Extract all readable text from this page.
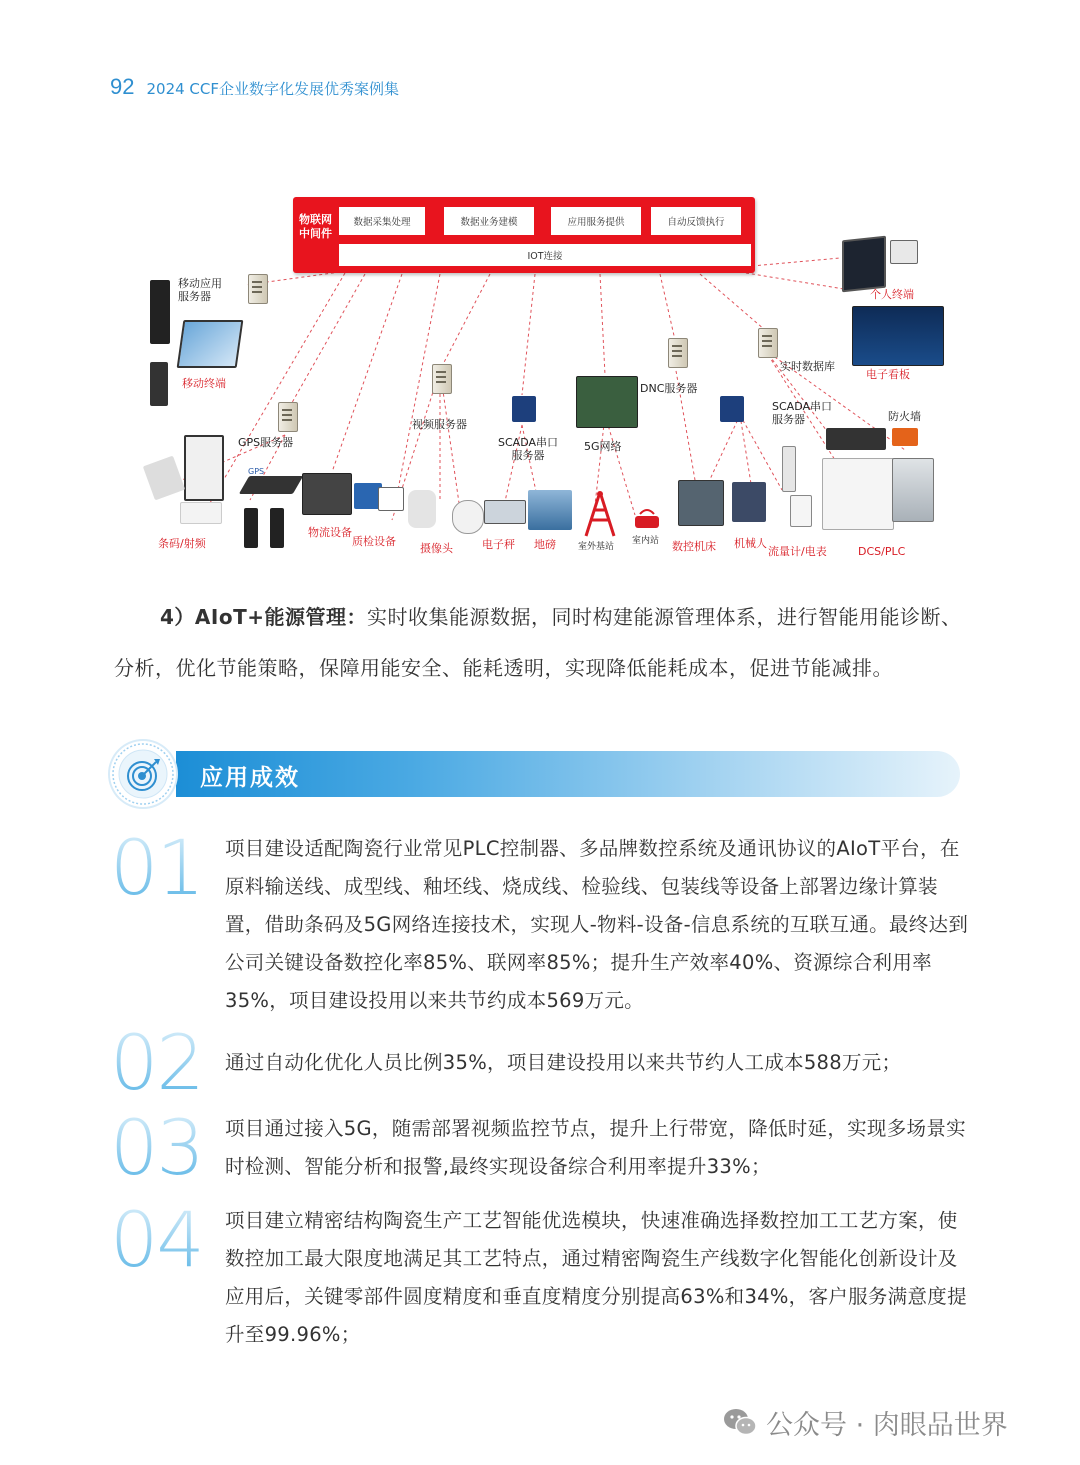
92 2024 CCF企业数字化发展优秀案例集
物联网中间件
数据采集处理	数据业务建模	应用服务提供	自动反馈执行
IOT连接
移动应用服务器
移动终端
GPS服务器
条码/射频
GPS
物流设备
质检设备
视频服务器
摄像头	电子秤 地磅
SCADA串口服务器
5G网络
室外基站
室内站
DNC服务器
数控机床 机械人
实时数据库
SCADA串口服务器
流量计/电表	DCS/PLC
防火墙
个人终端
电子看板
4）AIoT+能源管理：实时收集能源数据，同时构建能源管理体系，进行智能用能诊断、分析，优化节能策略，保障用能安全、能耗透明，实现降低能耗成本，促进节能减排。
应用成效
01 项目建设适配陶瓷行业常见PLC控制器、多品牌数控系统及通讯协议的AIoT平台，在原料输送线、成型线、釉坯线、烧成线、检验线、包装线等设备上部署边缘计算装置，借助条码及5G网络连接技术，实现人-物料-设备-信息系统的互联互通。最终达到公司关键设备数控化率85%、联网率85%；提升生产效率40%、资源综合利用率35%，项目建设投用以来共节约成本569万元。
02 通过自动化优化人员比例35%，项目建设投用以来共节约人工成本588万元；
03 项目通过接入5G，随需部署视频监控节点，提升上行带宽，降低时延，实现多场景实时检测、智能分析和报警,最终实现设备综合利用率提升33%；
04 项目建立精密结构陶瓷生产工艺智能优选模块，快速准确选择数控加工工艺方案，使数控加工最大限度地满足其工艺特点，通过精密陶瓷生产线数字化智能化创新设计及应用后，关键零部件圆度精度和垂直度精度分别提高63%和34%，客户服务满意度提升至99.96%；
公众号 · 肉眼品世界
